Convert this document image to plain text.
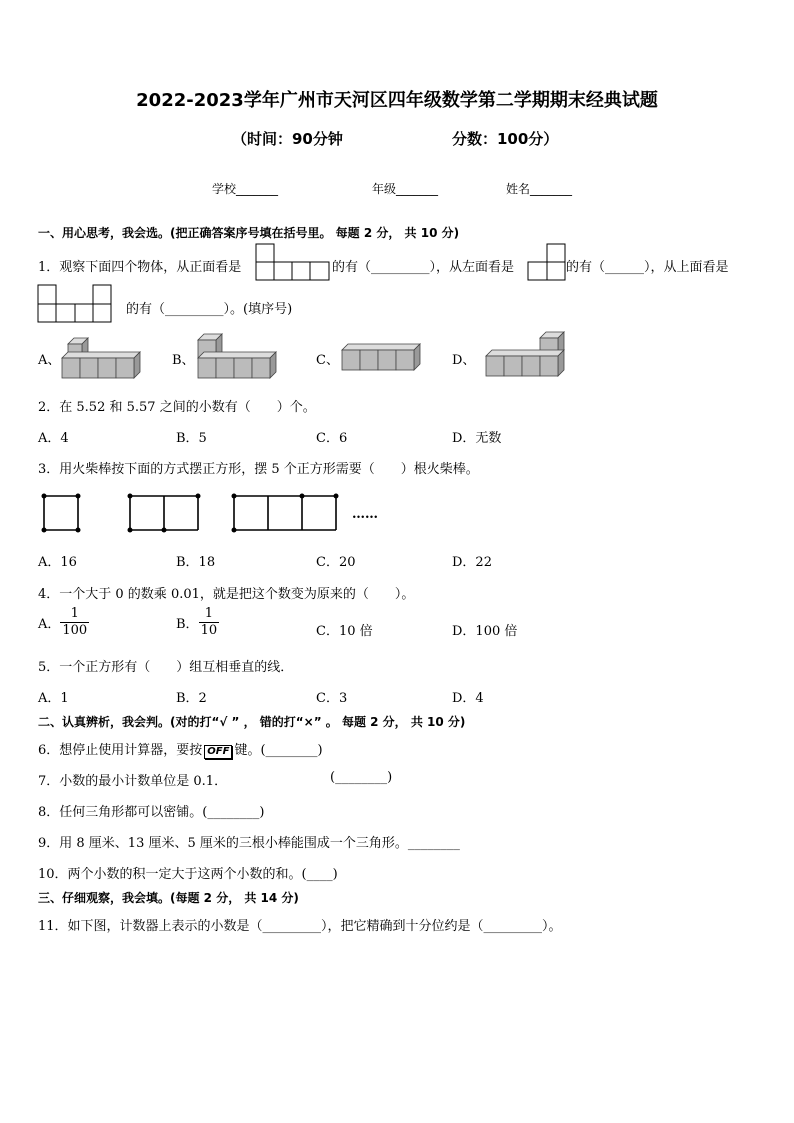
2022-2023学年广州市天河区四年级数学第二学期期末经典试题
（时间：90分钟	分数：100分）
学校_______	年级_______	姓名_______
一、用心思考，我会选。(把正确答案序号填在括号里。 每题 2 分， 共 10 分)
1．观察下面四个物体，从正面看是	的有（_________），从左面看是	的有（______），从上面看是
的有（_________）。(填序号)
A、	B、	C、	D、
2．在 5.52 和 5.57 之间的小数有（　　）个。
A．4	B．5	C．6	D．无数
3．用火柴棒按下面的方式摆正方形，摆 5 个正方形需要（　　）根火柴棒。
……
A．16	B．18	C．20	D．22
4．一个大于 0 的数乘 0.01，就是把这个数变为原来的（　　）。
A． $\frac{1}{100}$	B． $\frac{1}{10}$	C．10 倍	D．100 倍
5．一个正方形有（　　）组互相垂直的线．
A．1	B．2	C．3	D．4
二、认真辨析，我会判。(对的打“√ ” ， 错的打“×” 。 每题 2 分， 共 10 分)
6．想停止使用计算器，要按 OFF 键。(________)
7．小数的最小计数单位是 0.1．	(________)
8．任何三角形都可以密铺。(________)
9．用 8 厘米、13 厘米、5 厘米的三根小棒能围成一个三角形。________
10．两个小数的积一定大于这两个小数的和。(____)
三、仔细观察，我会填。(每题 2 分， 共 14 分)
11．如下图，计数器上表示的小数是（_________），把它精确到十分位约是（_________）。
